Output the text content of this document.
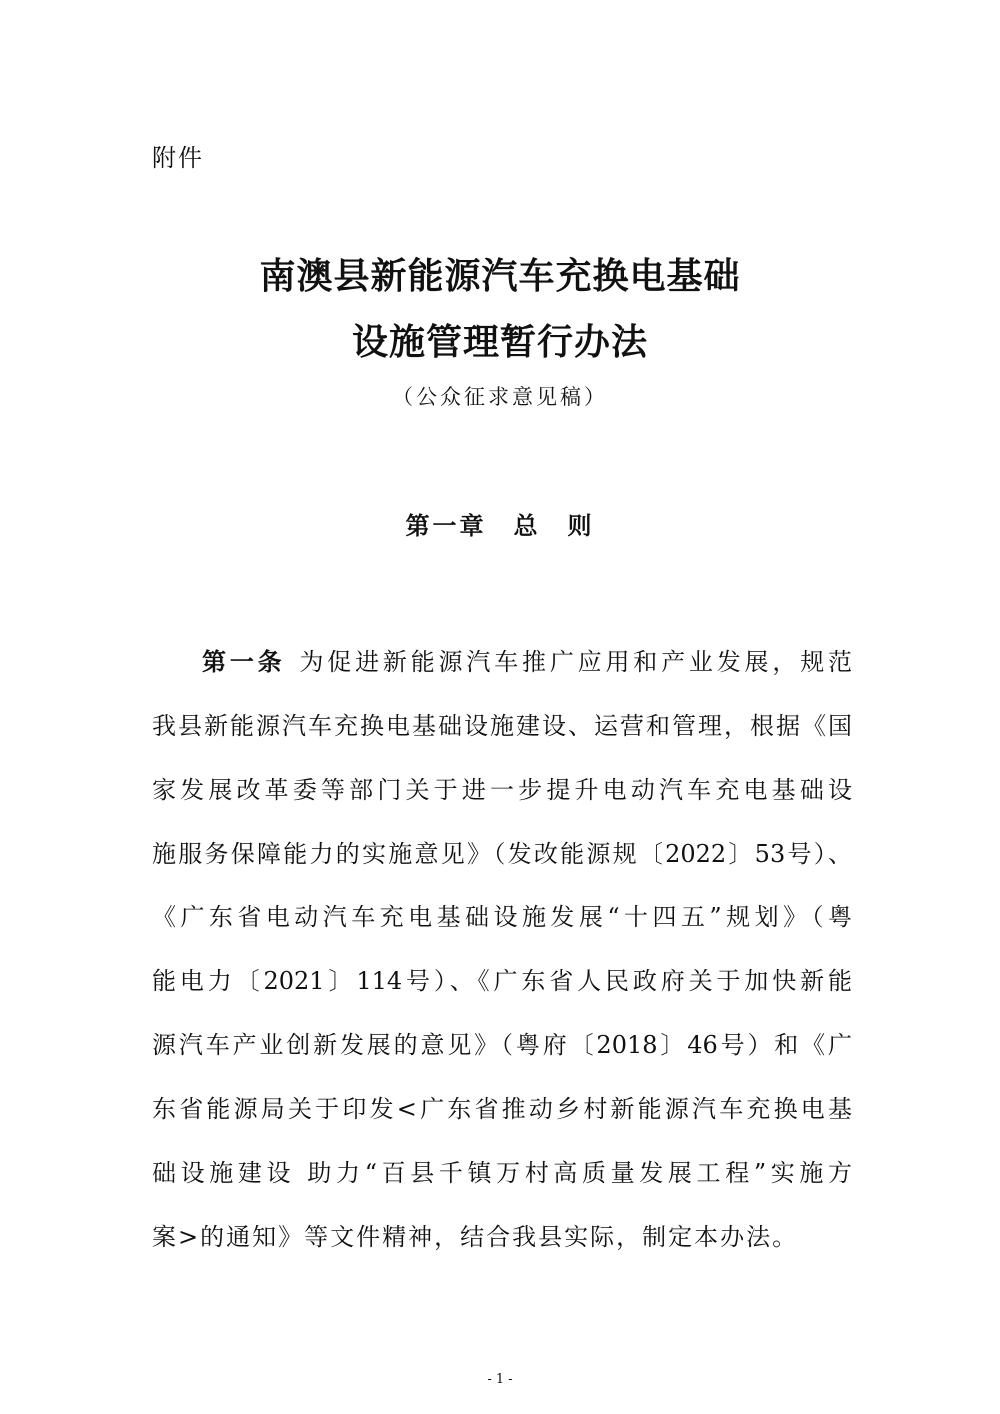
附件
南澳县新能源汽车充换电基础
设施管理暂行办法
（公众征求意见稿）
第一章　总　则
第一条 为促进新能源汽车推广应用和产业发展，规范
我县新能源汽车充换电基础设施建设、运营和管理，根据《国
家发展改革委等部门关于进一步提升电动汽车充电基础设
施服务保障能力的实施意见》（发改能源规〔2022〕53号）、
《广东省电动汽车充电基础设施发展“十四五”规划》（粤
能电力〔2021〕114号）、《广东省人民政府关于加快新能
源汽车产业创新发展的意见》（粤府〔2018〕46号）和《广
东省能源局关于印发<广东省推动乡村新能源汽车充换电基
础设施建设 助力“百县千镇万村高质量发展工程”实施方
案>的通知》等文件精神，结合我县实际，制定本办法。
- 1 -
